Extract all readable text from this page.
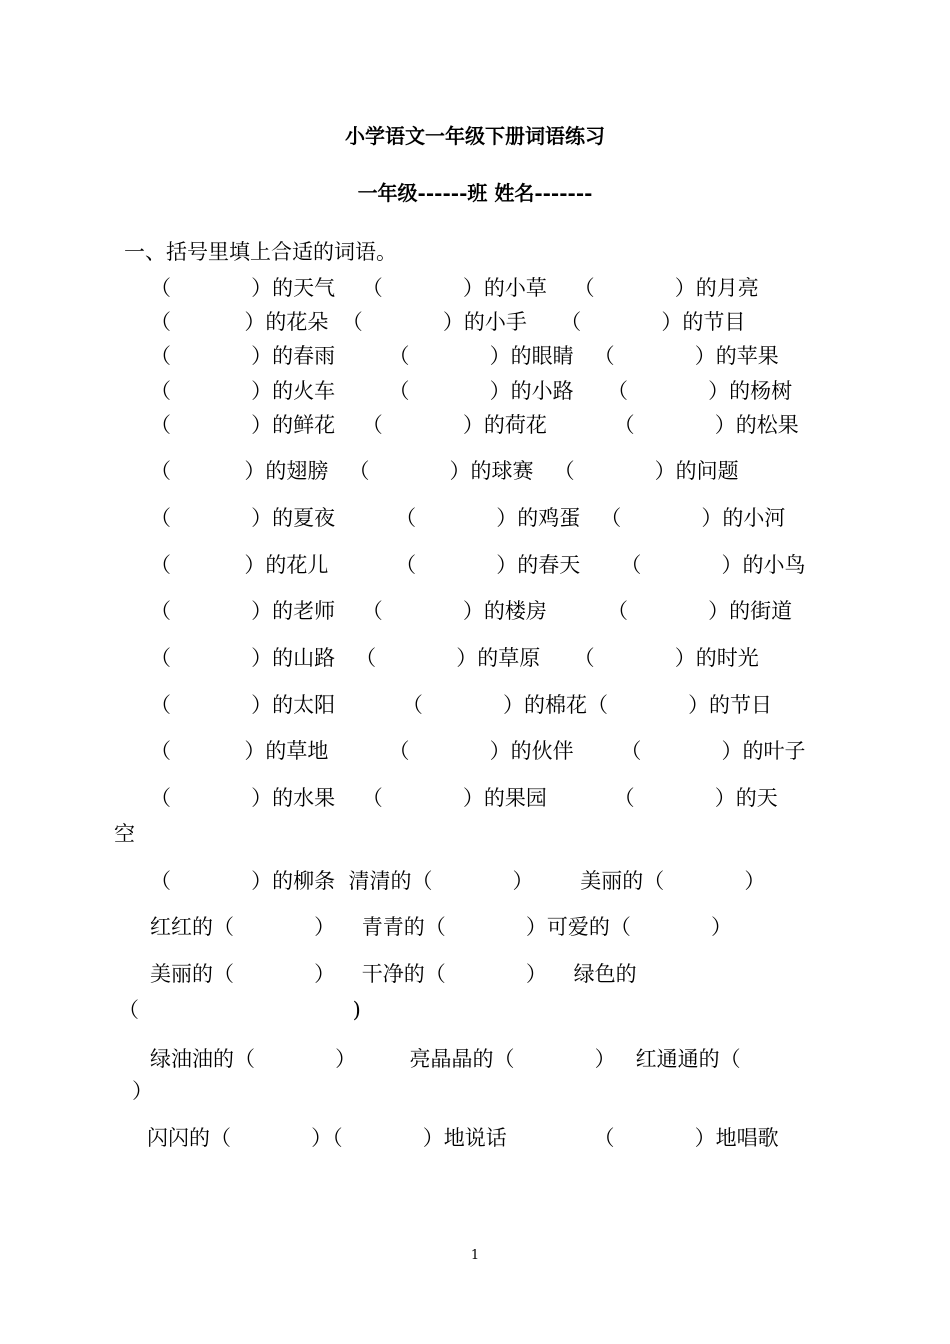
小学语文一年级下册词语练习
一年级------班 姓名-------
一、括号里填上合适的词语。
（            ）的天气    （            ）的小草    （            ）的月亮
（           ）的花朵  （            ）的小手     （            ）的节目
（            ）的春雨        （            ）的眼睛   （            ）的苹果
（            ）的火车        （            ）的小路     （            ）的杨树
（            ）的鲜花    （            ）的荷花          （            ）的松果
（           ）的翅膀   （            ）的球赛   （            ）的问题
（            ）的夏夜         （            ）的鸡蛋   （            ）的小河
（           ）的花儿          （            ）的春天      （            ）的小鸟
（            ）的老师    （            ）的楼房         （            ）的街道
（            ）的山路   （            ）的草原     （            ）的时光
（            ）的太阳          （            ）的棉花（            ）的节日
（           ）的草地         （            ）的伙伴       （            ）的叶子
（            ）的水果    （            ）的果园          （            ）的天
空
（            ）的柳条  清清的（            ）       美丽的（            ）
红红的（            ）    青青的（            ）可爱的（            ）
美丽的（            ）    干净的（            ）    绿色的
（                                )
绿油油的（            ）        亮晶晶的（            ）   红通通的（
）
闪闪的（            ）（            ）地说话             （            ）地唱歌
1
